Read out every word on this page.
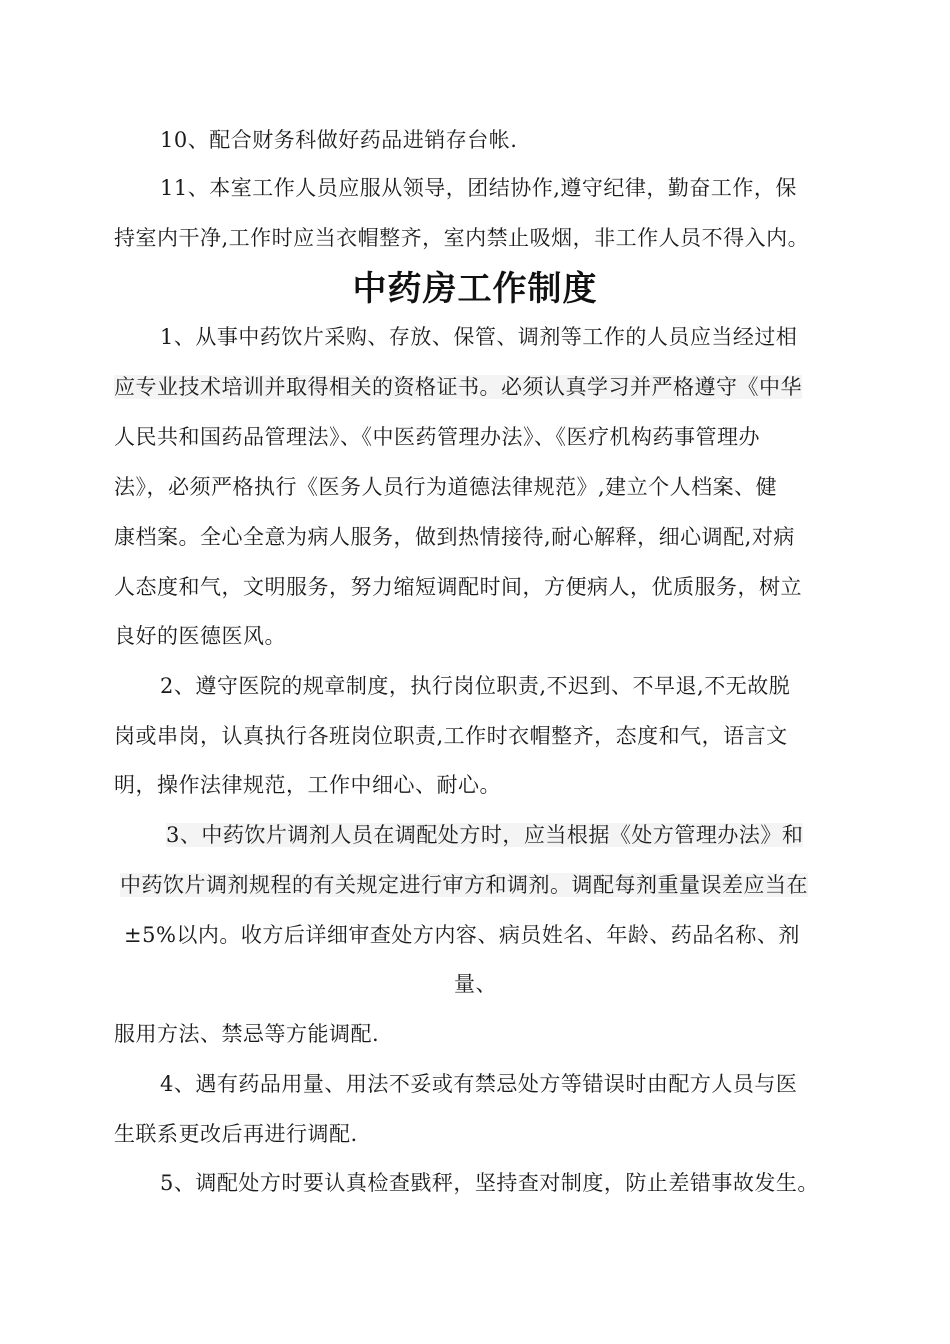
10、配合财务科做好药品进销存台帐.
11、本室工作人员应服从领导，团结协作,遵守纪律，勤奋工作，保
持室内干净,工作时应当衣帽整齐，室内禁止吸烟，非工作人员不得入内。
中药房工作制度
1、从事中药饮片采购、存放、保管、调剂等工作的人员应当经过相
应专业技术培训并取得相关的资格证书。必须认真学习并严格遵守《中华
人民共和国药品管理法》、《中医药管理办法》、《医疗机构药事管理办
法》，必须严格执行《医务人员行为道德法律规范》,建立个人档案、健
康档案。全心全意为病人服务，做到热情接待,耐心解释，细心调配,对病
人态度和气，文明服务，努力缩短调配时间，方便病人，优质服务，树立
良好的医德医风。
2、遵守医院的规章制度，执行岗位职责,不迟到、不早退,不无故脱
岗或串岗，认真执行各班岗位职责,工作时衣帽整齐，态度和气，语言文
明，操作法律规范，工作中细心、耐心。
3、中药饮片调剂人员在调配处方时，应当根据《处方管理办法》和
中药饮片调剂规程的有关规定进行审方和调剂。调配每剂重量误差应当在
±5%以内。收方后详细审查处方内容、病员姓名、年龄、药品名称、剂
量、
服用方法、禁忌等方能调配.
4、遇有药品用量、用法不妥或有禁忌处方等错误时由配方人员与医
生联系更改后再进行调配.
5、调配处方时要认真检查戥秤，坚持查对制度，防止差错事故发生。
